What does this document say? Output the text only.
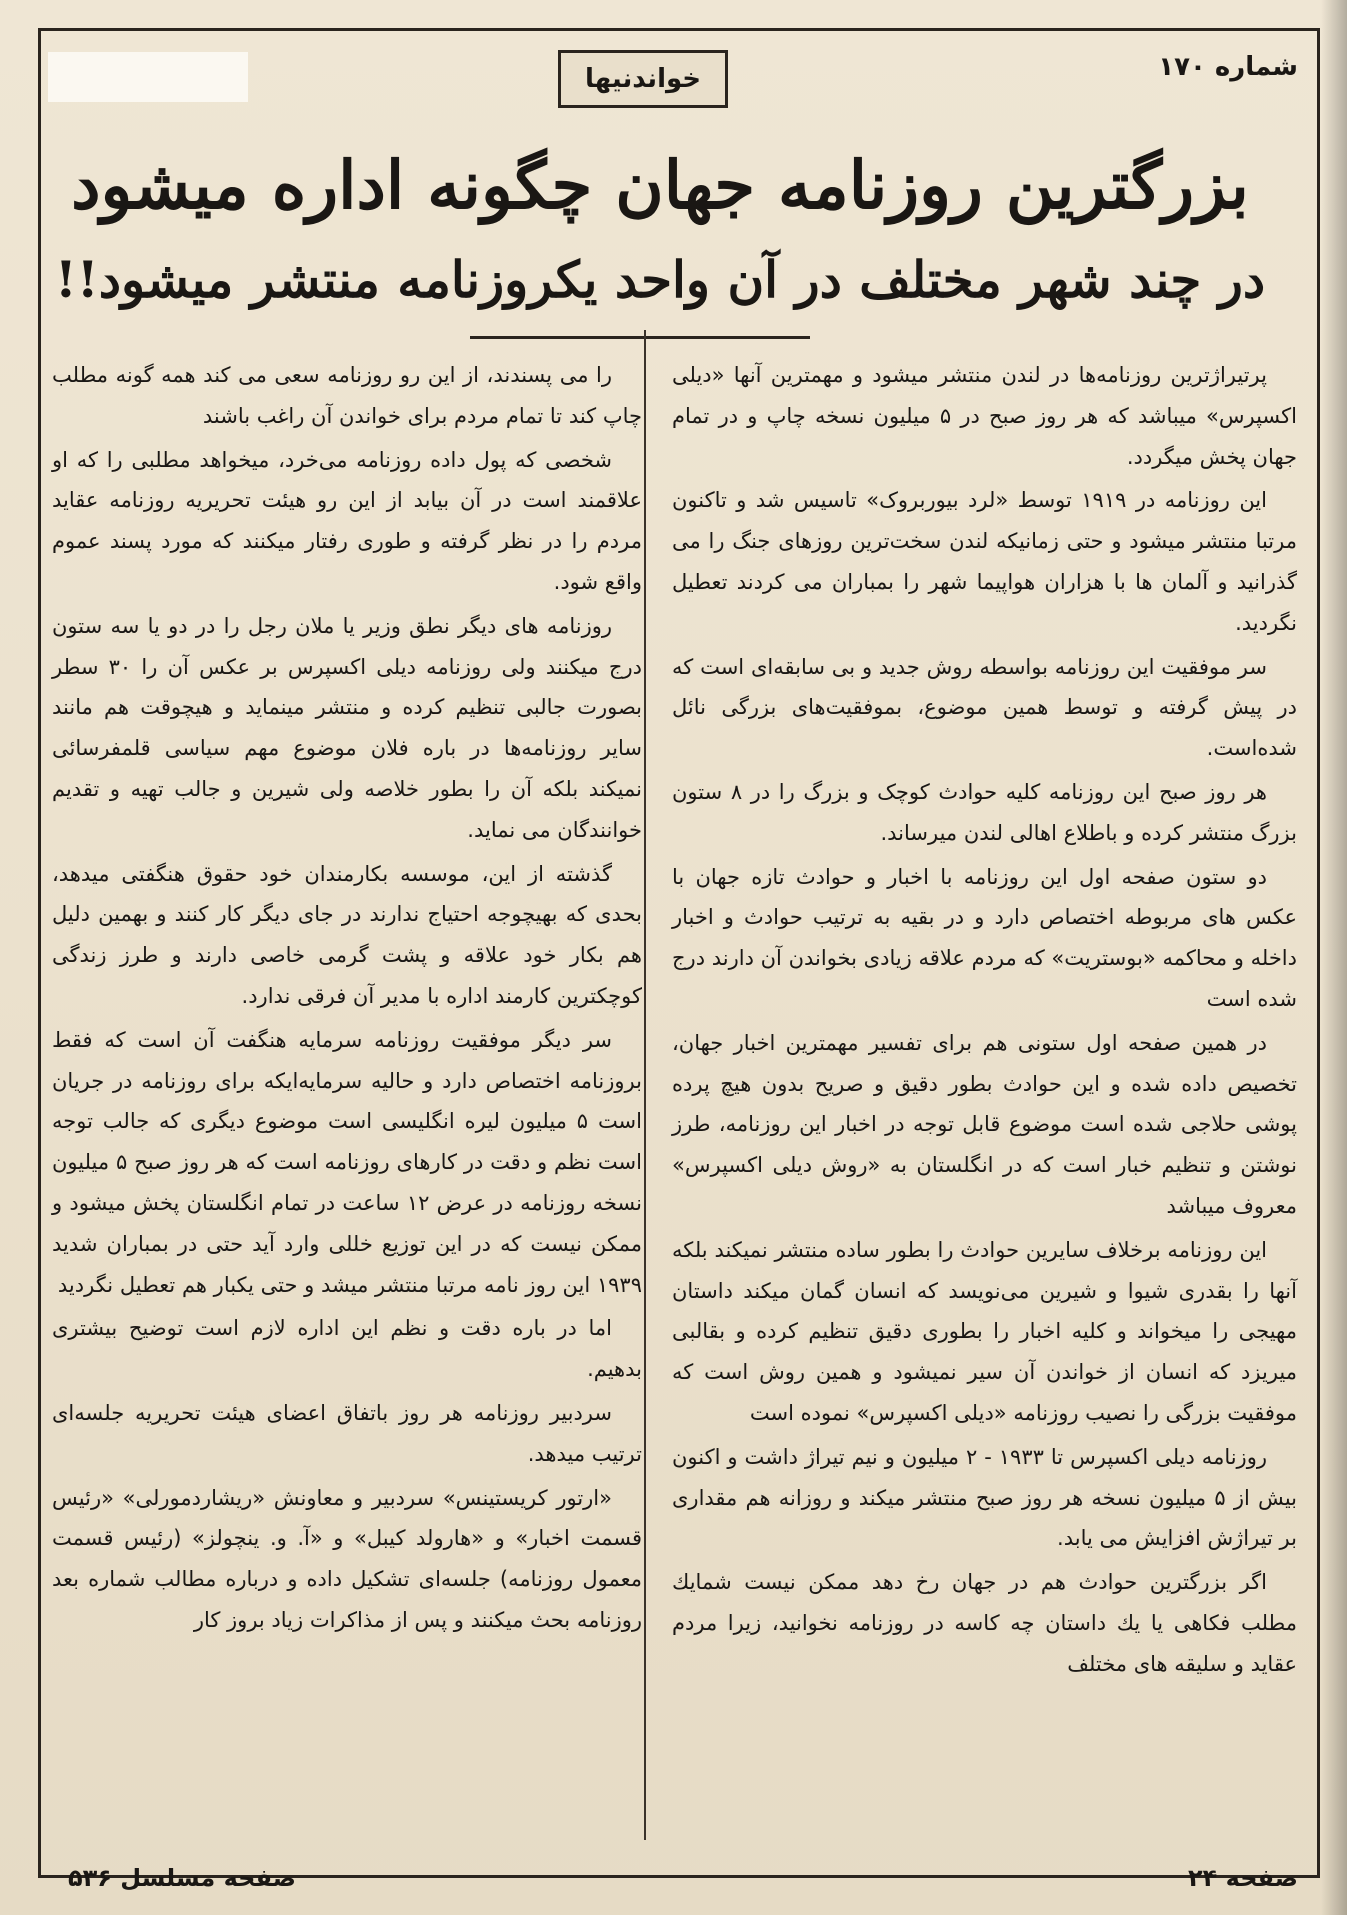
شماره ۱۷۰
خواندنیها
بزرگترین روزنامه جهان چگونه اداره میشود
در چند شهر مختلف در آن واحد یکروزنامه منتشر میشود!!

پرتیراژترین روزنامه‌ها در لندن منتشر میشود و مهمترین آنها «دیلی اکسپرس» میباشد که هر روز صبح در ۵ میلیون نسخه چاپ و در تمام جهان پخش میگردد.

این روزنامه در ۱۹۱۹ توسط «لرد بیوربروک» تاسیس شد و تاکنون مرتبا منتشر میشود و حتی زمانیکه لندن سخت‌ترین روزهای جنگ را می گذرانید و آلمان ها با هزاران هواپیما شهر را بمباران می کردند تعطیل نگردید.

سر موفقیت این روزنامه بواسطه روش جدید و بی سابقه‌ای است که در پیش گرفته و توسط همین موضوع، بموفقیت‌های بزرگی نائل شده‌است.

هر روز صبح این روزنامه کلیه حوادث کوچک و بزرگ را در ۸ ستون بزرگ منتشر کرده و باطلاع اهالی لندن میرساند.

دو ستون صفحه اول این روزنامه با اخبار و حوادث تازه جهان با عکس های مربوطه اختصاص دارد و در بقیه به ترتیب حوادث و اخبار داخله و محاکمه «بوستریت» که مردم علاقه زیادی بخواندن آن دارند درج شده است

در همین صفحه اول ستونی هم برای تفسیر مهمترین اخبار جهان، تخصیص داده شده و این حوادث بطور دقیق و صریح بدون هیچ پرده پوشی حلاجی شده است موضوع قابل توجه در اخبار این روزنامه، طرز نوشتن و تنظیم خبار است که در انگلستان به «روش دیلی اکسپرس» معروف میباشد

این روزنامه برخلاف سایرین حوادث را بطور ساده منتشر نمیکند بلکه آنها را بقدری شیوا و شیرین می‌نویسد که انسان گمان میکند داستان مهیجی را میخواند و کلیه اخبار را بطوری دقیق تنظیم کرده و بقالبی میریزد که انسان از خواندن آن سیر نمیشود و همین روش است که موفقیت بزرگی را نصیب روزنامه «دیلی اکسپرس» نموده است

روزنامه دیلی اکسپرس تا ۱۹۳۳ - ۲ میلیون و نیم تیراژ داشت و اکنون بیش از ۵ میلیون نسخه هر روز صبح منتشر میکند و روزانه هم مقداری بر تیراژش افزایش می یابد.

اگر بزرگترین حوادث هم در جهان رخ دهد ممکن نیست شمایك مطلب فکاهی یا یك داستان چه کاسه در روزنامه نخوانید، زیرا مردم عقاید و سلیقه های مختلف

را می پسندند، از این رو روزنامه سعی می کند همه گونه مطلب چاپ کند تا تمام مردم برای خواندن آن راغب باشند

شخصی که پول داده روزنامه می‌خرد، میخواهد مطلبی را که او علاقمند است در آن بیابد از این رو هیئت تحریریه روزنامه عقاید مردم را در نظر گرفته و طوری رفتار میکنند که مورد پسند عموم واقع شود.

روزنامه های دیگر نطق وزیر یا ملان رجل را در دو یا سه ستون درج میکنند ولی روزنامه دیلی اکسپرس بر عکس آن را ۳۰ سطر بصورت جالبی تنظیم کرده و منتشر مینماید و هیچوقت هم مانند سایر روزنامه‌ها در باره فلان موضوع مهم سیاسی قلمفرسائی نمیکند بلکه آن را بطور خلاصه ولی شیرین و جالب تهیه و تقدیم خوانندگان می نماید.

گذشته از این، موسسه بکارمندان خود حقوق هنگفتی میدهد، بحدی که بهیچوجه احتیاج ندارند در جای دیگر کار کنند و بهمین دلیل هم بکار خود علاقه و پشت گرمی خاصی دارند و طرز زندگی کوچکترین کارمند اداره با مدیر آن فرقی ندارد.

سر دیگر موفقیت روزنامه سرمایه هنگفت آن است که فقط بروزنامه اختصاص دارد و حالیه سرمایه‌ایکه برای روزنامه در جریان است ۵ میلیون لیره انگلیسی است موضوع دیگری که جالب توجه است نظم و دقت در کارهای روزنامه است که هر روز صبح ۵ میلیون نسخه روزنامه در عرض ۱۲ ساعت در تمام انگلستان پخش میشود و ممکن نیست که در این توزیع خللی وارد آید حتی در بمباران شدید ۱۹۳۹ این روز نامه مرتبا منتشر میشد و حتی یکبار هم تعطیل نگردید

اما در باره دقت و نظم این اداره لازم است توضیح بیشتری بدهیم.

سردبیر روزنامه هر روز باتفاق اعضای هیئت تحریریه جلسه‌ای ترتیب میدهد.

«ارتور کریستینس» سردبیر و معاونش «ریشاردمورلی» «رئیس قسمت اخبار» و «هارولد کیبل» و «آ. و. ینچولز» (رئیس قسمت معمول روزنامه) جلسه‌ای تشکیل داده و درباره مطالب شماره بعد روزنامه بحث میکنند و پس از مذاکرات زیاد بروز کار

صفحه ۲۴
صفحه مسلسل ۵۳۶
